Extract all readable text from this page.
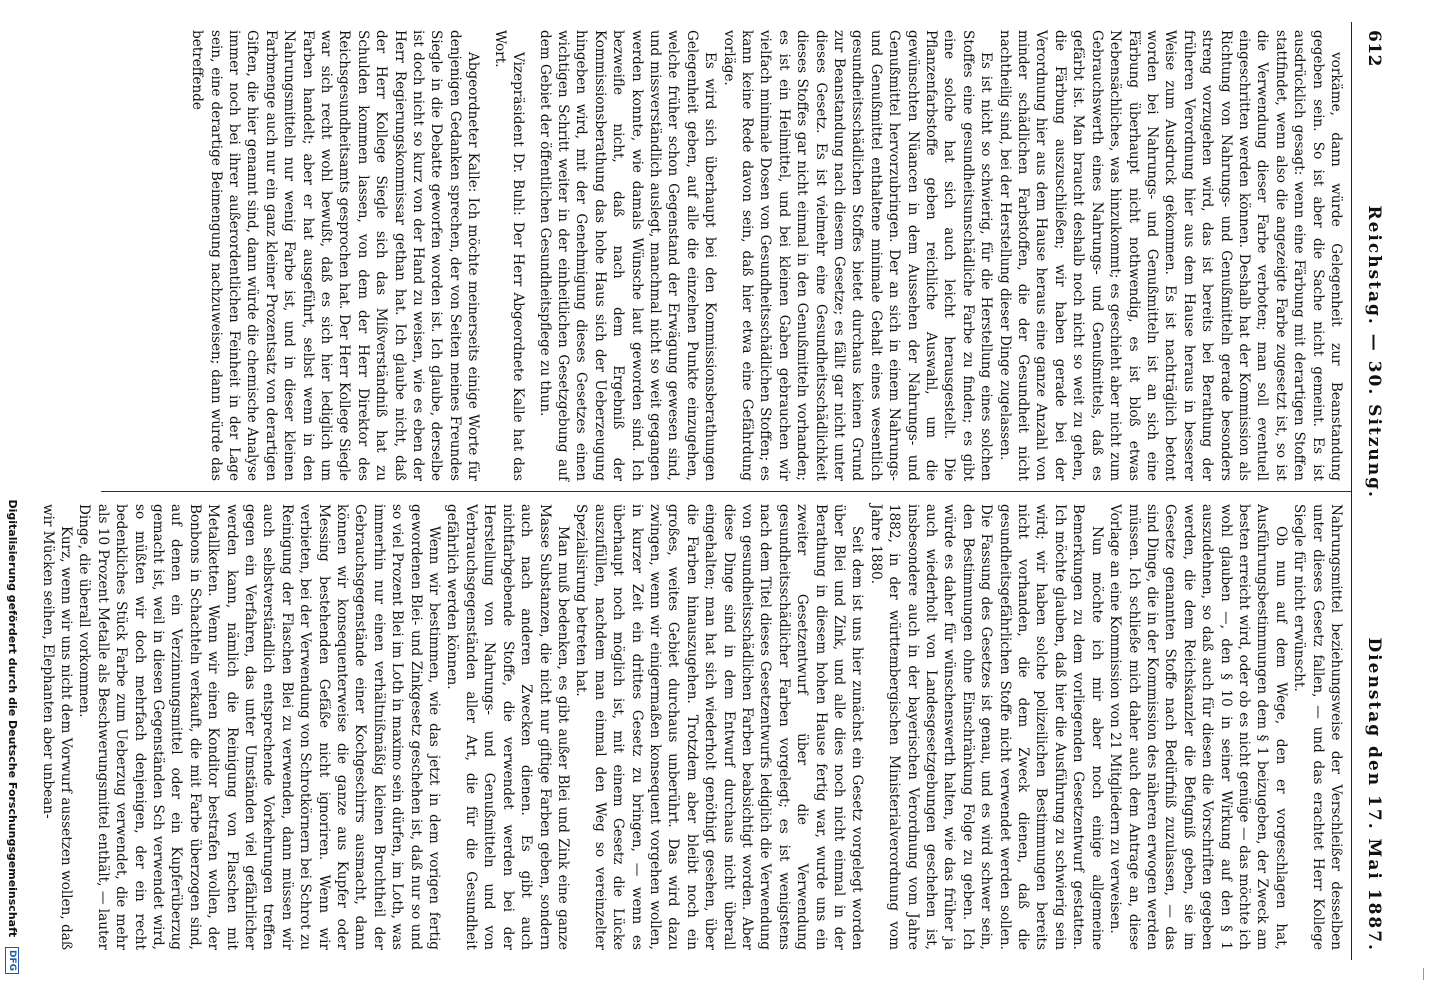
612
Reichstag. — 30. Sitzung.
Dienstag den 17. Mai 1887.

vorkäme, dann würde Gelegenheit zur Beanstandung gegeben sein. So ist aber die Sache nicht gemeint. Es ist ausdrücklich gesagt: wenn eine Färbung mit derartigen Stoffen stattfindet, wenn also die angezeigte Farbe zugesetzt ist, so ist die Verwendung dieser Farbe verboten; man soll eventuell eingeschritten werden können. Deshalb hat der Kommission als Richtung von Nahrungs- und Genußmitteln gerade besonders streng vorzugehen wird, das ist bereits bei Berathung der früheren Verordnung hier aus dem Hause heraus in besserer Weise zum Ausdruck gekommen. Es ist nachträglich betont worden bei Nahrungs- und Genußmitteln ist an sich eine Färbung überhaupt nicht nothwendig, es ist bloß etwas Nebensächliches, was hinzukommt; es geschieht aber nicht zum Gebrauchswerth eines Nahrungs- und Genußmittels, daß es gefärbt ist. Man braucht deshalb noch nicht so weit zu gehen, die Färbung auszuschließen; wir haben gerade bei der Verordnung hier aus dem Hause heraus eine ganze Anzahl von minder schädlichen Farbstoffen, die der Gesundheit nicht nachtheilig sind, bei der Herstellung dieser Dinge zugelassen.

Es ist nicht so schwierig, für die Herstellung eines solchen Stoffes eine gesundheitsunschädliche Farbe zu finden; es gibt eine solche hat sich auch leicht herausgestellt. Die Pflanzenfarbstoffe geben reichliche Auswahl, um die gewünschten Nüancen in dem Aussehen der Nahrungs- und Genußmittel hervorzubringen. Der an sich in einem Nahrungs- und Genußmittel enthaltene minimale Gehalt eines wesentlich gesundheitsschädlichen Stoffes bietet durchaus keinen Grund zur Beanstandung nach diesem Gesetze; es fällt gar nicht unter dieses Gesetz. Es ist vielmehr eine Gesundheitsschädlichkeit dieses Stoffes gar nicht einmal in den Genußmitteln vorhanden; es ist ein Heilmittel, und bei kleinen Gaben gebrauchen wir vielfach minimale Dosen von Gesundheitsschädlichen Stoffen; es kann keine Rede davon sein, daß hier etwa eine Gefährdung vorläge.

Es wird sich überhaupt bei den Kommissionsberathungen Gelegenheit geben, auf alle die einzelnen Punkte einzugehen, welche früher schon Gegenstand der Erwägung gewesen sind, und missverständlich auslegt, manchmal nicht so weit gegangen werden konnte, wie damals Wünsche laut geworden sind. Ich bezweifle nicht, daß nach dem Ergebniß der Kommissionsberathung das hohe Haus sich der Ueberzeugung hingeben wird, mit der Genehmigung dieses Gesetzes einen wichtigen Schritt weiter in der einheitlichen Gesetzgebung auf dem Gebiet der öffentlichen Gesundheitspflege zu thun.

Vizepräsident Dr. Buhl: Der Herr Abgeordnete Kalle hat das Wort.

Abgeordneter Kalle: Ich möchte meinerseits einige Worte für denjenigen Gedanken sprechen, der von Seiten meines Freundes Siegle in die Debatte geworfen worden ist. Ich glaube, derselbe ist doch nicht so kurz von der Hand zu weisen, wie es eben der Herr Regierungskommissar gethan hat. Ich glaube nicht, daß der Herr Kollege Siegle sich das Mißverständniß hat zu Schulden kommen lassen, von dem der Herr Direktor des Reichsgesundheitsamts gesprochen hat. Der Herr Kollege Siegle war sich recht wohl bewußt, daß es sich hier lediglich um Farben handelt; aber er hat ausgeführt, selbst wenn in den Nahrungsmitteln nur wenig Farbe ist, und in dieser kleinen Farbmenge auch nur ein ganz kleiner Prozentsatz von derartigen Giften, die hier genannt sind, dann würde die chemische Analyse immer noch bei ihrer außerordentlichen Feinheit in der Lage sein, eine derartige Beimengung nachzuweisen; dann würde das betreffende

Nahrungsmittel beziehungsweise der Verschleißer desselben unter dieses Gesetz fallen, — und das erachtet Herr Kollege Siegle für nicht erwünscht.

Ob nun auf dem Wege, den er vorgeschlagen hat, Ausführungsbestimmungen dem § 1 beizugeben, der Zweck am besten erreicht wird, oder ob es nicht genüge — das möchte ich wohl glauben —, den § 10 in seiner Wirkung auf den § 1 auszudehnen, so daß auch für diesen die Vorschriften gegeben werden, die dem Reichskanzler die Befugniß geben, sie im Gesetze genannten Stoffe nach Bedürfniß zuzulassen, — das sind Dinge, die in der Kommission des näheren erwogen werden müssen. Ich schließe mich daher auch dem Antrage an, diese Vorlage an eine Kommission von 21 Mitgliedern zu verweisen.

Nun möchte ich mir aber noch einige allgemeine Bemerkungen zu dem vorliegenden Gesetzentwurf gestatten. Ich möchte glauben, daß hier die Ausführung zu schwierig sein wird; wir haben solche polizeilichen Bestimmungen bereits nicht vorhanden, die dem Zweck dienen, daß die gesundheitsgefährlichen Stoffe nicht verwendet werden sollen. Die Fassung des Gesetzes ist genau, und es wird schwer sein, den Bestimmungen ohne Einschränkung Folge zu geben. Ich würde es daher für wünschenswerth halten, wie das früher ja auch wiederholt von Landesgesetzgebungen geschehen ist, insbesondere auch in der bayerischen Verordnung vom Jahre 1882, in der württembergischen Ministerialverordnung vom Jahre 1880.

Seit dem ist uns hier zunächst ein Gesetz vorgelegt worden über Blei und Zink, und alle dies noch nicht einmal in der Berathung in diesem hohen Hause fertig war, wurde uns ein zweiter Gesetzentwurf über die Verwendung gesundheitsschädlicher Farben vorgelegt; es ist wenigstens nach dem Titel dieses Gesetzentwurfs lediglich die Verwendung von gesundheitsschädlichen Farben beabsichtigt worden. Aber diese Dinge sind in dem Entwurf durchaus nicht überall eingehalten; man hat sich wiederholt genöthigt gesehen, über die Farben hinauszugehen. Trotzdem aber bleibt noch ein großes, weites Gebiet durchaus unberührt. Das wird dazu zwingen, wenn wir einigermaßen konsequent vorgehen wollen, in kurzer Zeit ein drittes Gesetz zu bringen, — wenn es überhaupt noch möglich ist, mit einem Gesetz die Lücke auszufüllen, nachdem man einmal den Weg so vereinzelter Spezialisirung betreten hat.

Man muß bedenken, es gibt außer Blei und Zink eine ganze Masse Substanzen, die nicht nur giftige Farben geben, sondern auch nach anderen Zwecken dienen. Es gibt auch nichtfarbgebende Stoffe, die verwendet werden bei der Herstellung von Nahrungs- und Genußmitteln und von Verbrauchsgegenständen aller Art, die für die Gesundheit gefährlich werden können.

Wenn wir bestimmen, wie das jetzt in dem vorigen fertig gewordenen Blei- und Zinkgesetz geschehen ist, daß nur so und so viel Prozent Blei im Loth in maximo sein dürfen, im Loth, was immerhin nur einen verhältnißmäßig kleinen Bruchtheil der Gebrauchsgegenstände einer Kochgeschirrs ausmacht, dann können wir konsequenterweise die ganze aus Kupfer oder Messing bestehenden Gefäße nicht ignoriren. Wenn wir verbieten, bei der Verwendung von Schrotkörnern bei Schrot zu Reinigung der Flaschen Blei zu verwenden, dann müssen wir auch selbstverständlich entsprechende Vorkehrungen treffen gegen ein Verfahren, das unter Umständen viel gefährlicher werden kann, nämlich die Reinigung von Flaschen mit Metallketten. Wenn wir einen Konditor bestrafen wollen, der Bonbons in Schachteln verkauft, die mit Farbe überzogen sind, auf denen ein Verzinnungsmittel oder ein Kupferüberzug gemacht ist, weil in diesen Gegenständen Sch verwendet wird, so müßten wir doch mehrfach denjenigen, der ein recht bedenkliches Stück Farbe zum Ueberzug verwendet, die mehr als 10 Prozent Metalle als Beschwerungsmittel enthält, — lauter Dinge, die überall vorkommen.

Kurz, wenn wir uns nicht dem Vorwurf aussetzen wollen, daß wir Mücken seihen, Elephanten aber unbean-

Digitalisierung gefördert durch die Deutsche Forschungsgemeinschaft DFG
